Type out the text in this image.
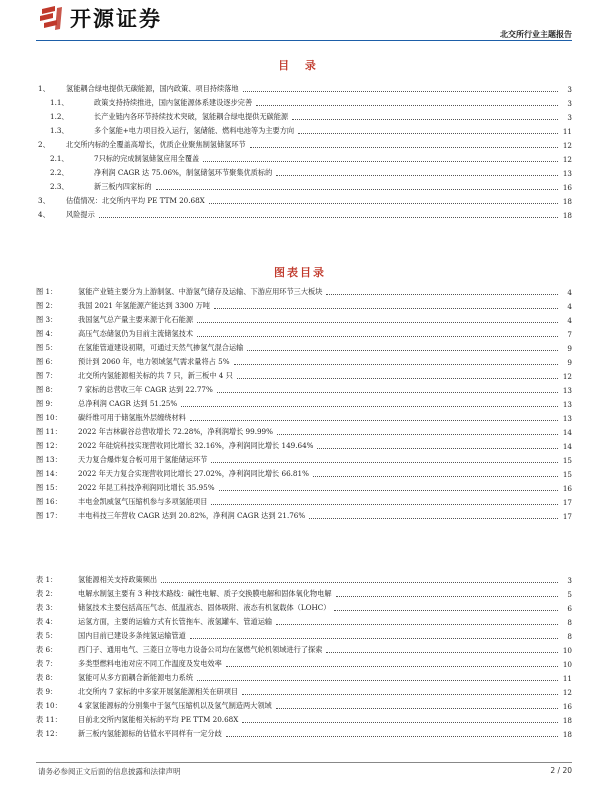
开源证券
北交所行业主题报告
目 录
1、	氢能耦合绿电提供无碳能源，国内政策、项目持续落地	3
1.1、	政策支持持续推进，国内氢能源体系建设逐步完善	3
1.2、	长产业链内各环节持续技术突破，氢能耦合绿电提供无碳能源	3
1.3、	多个氢能+电力项目投入运行，氢储能、燃料电池等为主要方向	11
2、	北交所内标的全覆盖高增长，优质企业聚焦制氢储氢环节	12
2.1、	7只标的完成制氢储氢应用全覆盖	12
2.2、	净利润 CAGR 达 75.06%，制氢储氢环节聚集优质标的	13
2.3、	新三板内四家标的	16
3、	估值情况：北交所内平均 PE TTM 20.68X	18
4、	风险提示	18
图表目录
图 1：	氢能产业链主要分为上游制氢、中游氢气储存及运输、下游应用环节三大板块	4
图 2：	我国 2021 年氢能源产能达到 3300 万吨	4
图 3：	我国氢气总产量主要来源于化石能源	4
图 4：	高压气态储氢仍为目前主流储氢技术	7
图 5：	在氢能管道建设初期，可通过天然气掺氢气混合运输	9
图 6：	预计到 2060 年，电力领域氢气需求量将占 5%	9
图 7：	北交所内氢能源相关标的共 7 只，新三板中 4 只	12
图 8：	7 家标的总营收三年 CAGR 达到 22.77%	13
图 9：	总净利润 CAGR 达到 51.25%	13
图 10：	碳纤维可用于储氢瓶外层缠绕材料	13
图 11：	2022 年吉林碳谷总营收增长 72.28%，净利润增长 99.99%	14
图 12：	2022 年硅烷科技实现营收同比增长 32.16%，净利润同比增长 149.64%	14
图 13：	天力复合爆炸复合板可用于氢能储运环节	15
图 14：	2022 年天力复合实现营收同比增长 27.02%，净利润同比增长 66.81%	15
图 15：	2022 年昆工科技净利润同比增长 35.95%	16
图 16：	丰电金凯威氢气压缩机参与多项氢能项目	17
图 17：	丰电科技三年营收 CAGR 达到 20.82%，净利润 CAGR 达到 21.76%	17
表 1：	氢能源相关支持政策频出	3
表 2：	电解水制氢主要有 3 种技术路线：碱性电解、质子交换膜电解和固体氧化物电解	5
表 3：	储氢技术主要包括高压气态、低温液态、固体吸附、液态有机氢载体（LOHC）	6
表 4：	运氢方面，主要的运输方式有长管拖车、液氢罐车、管道运输	8
表 5：	国内目前已建设多条纯氢运输管道	8
表 6：	西门子、通用电气、三菱日立等电力设备公司均在氢燃气轮机领域进行了探索	10
表 7：	多类型燃料电池对应不同工作温度及发电效率	10
表 8：	氢能可从多方面耦合新能源电力系统	11
表 9：	北交所内 7 家标的中多家开展氢能源相关在研项目	12
表 10：	4 家氢能源标的分别集中于氢气压缩机以及氢气制造两大领域	16
表 11：	目前北交所内氢能相关标的平均 PE TTM 20.68X	18
表 12：	新三板内氢能源标的估值水平同样有一定分歧	18
请务必参阅正文后面的信息披露和法律声明	2 / 20
